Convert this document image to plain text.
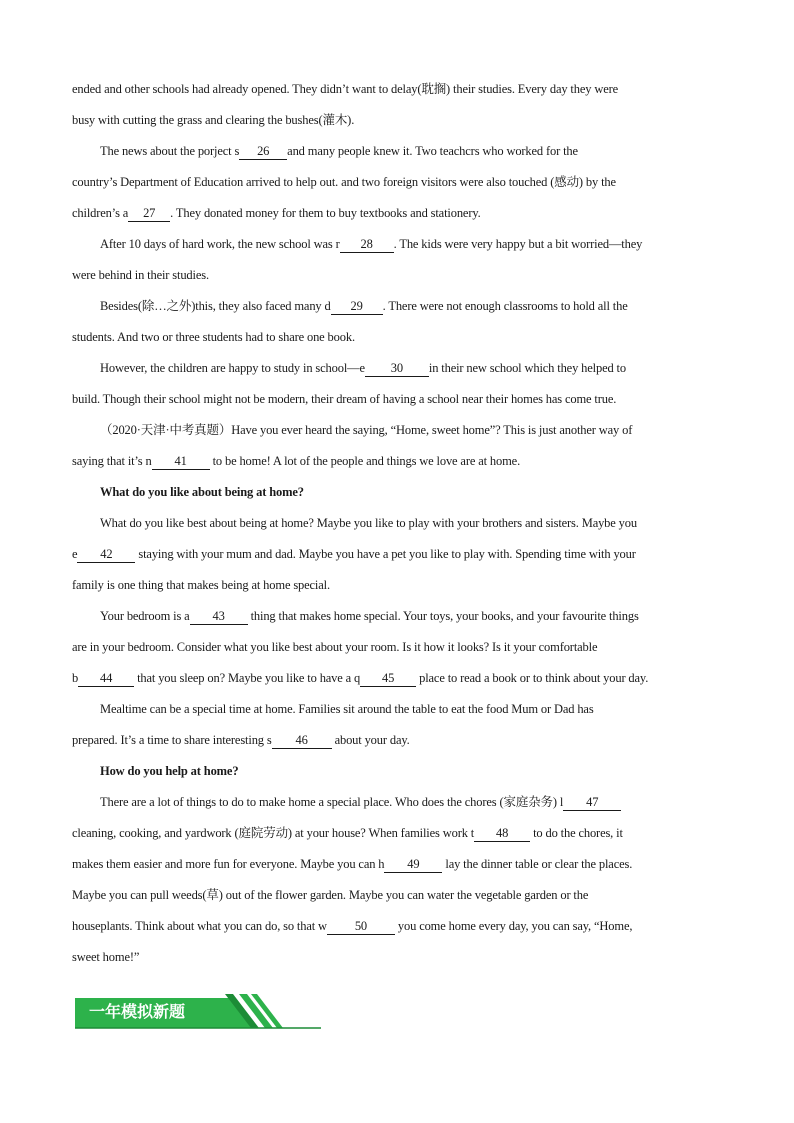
ended and other schools had already opened. They didn’t want to delay(耽搁) their studies. Every day they were
busy with cutting the grass and clearing the bushes(灌木).
The news about the porject s 26 and many people knew it. Two teachcrs who worked for the
country’s Department of Education arrived to help out. and two foreign visitors were also touched (感动) by the
children’s a 27 . They donated money for them to buy textbooks and stationery.
After 10 days of hard work, the new school was r 28 . The kids were very happy but a bit worried—they
were behind in their studies.
Besides(除…之外)this, they also faced many d 29 . There were not enough classrooms to hold all the
students. And two or three students had to share one book.
However, the children are happy to study in school—e 30 in their new school which they helped to
build. Though their school might not be modern, their dream of having a school near their homes has come true.
（2020·天津·中考真题）Have you ever heard the saying, “Home, sweet home”? This is just another way of
saying that it’s n 41 to be home! A lot of the people and things we love are at home.
What do you like about being at home?
What do you like best about being at home? Maybe you like to play with your brothers and sisters. Maybe you
e 42 staying with your mum and dad. Maybe you have a pet you like to play with. Spending time with your
family is one thing that makes being at home special.
Your bedroom is a 43 thing that makes home special. Your toys, your books, and your favourite things
are in your bedroom. Consider what you like best about your room. Is it how it looks? Is it your comfortable
b 44 that you sleep on? Maybe you like to have a q 45 place to read a book or to think about your day.
Mealtime can be a special time at home. Families sit around the table to eat the food Mum or Dad has
prepared. It’s a time to share interesting s 46 about your day.
How do you help at home?
There are a lot of things to do to make home a special place. Who does the chores (家庭杂务) l 47
cleaning, cooking, and yardwork (庭院劳动) at your house? When families work t 48 to do the chores, it
makes them easier and more fun for everyone. Maybe you can h 49 lay the dinner table or clear the places.
Maybe you can pull weeds(草) out of the flower garden. Maybe you can water the vegetable garden or the
houseplants. Think about what you can do, so that w 50 you come home every day, you can say, “Home,
sweet home!”
一年模拟新题
